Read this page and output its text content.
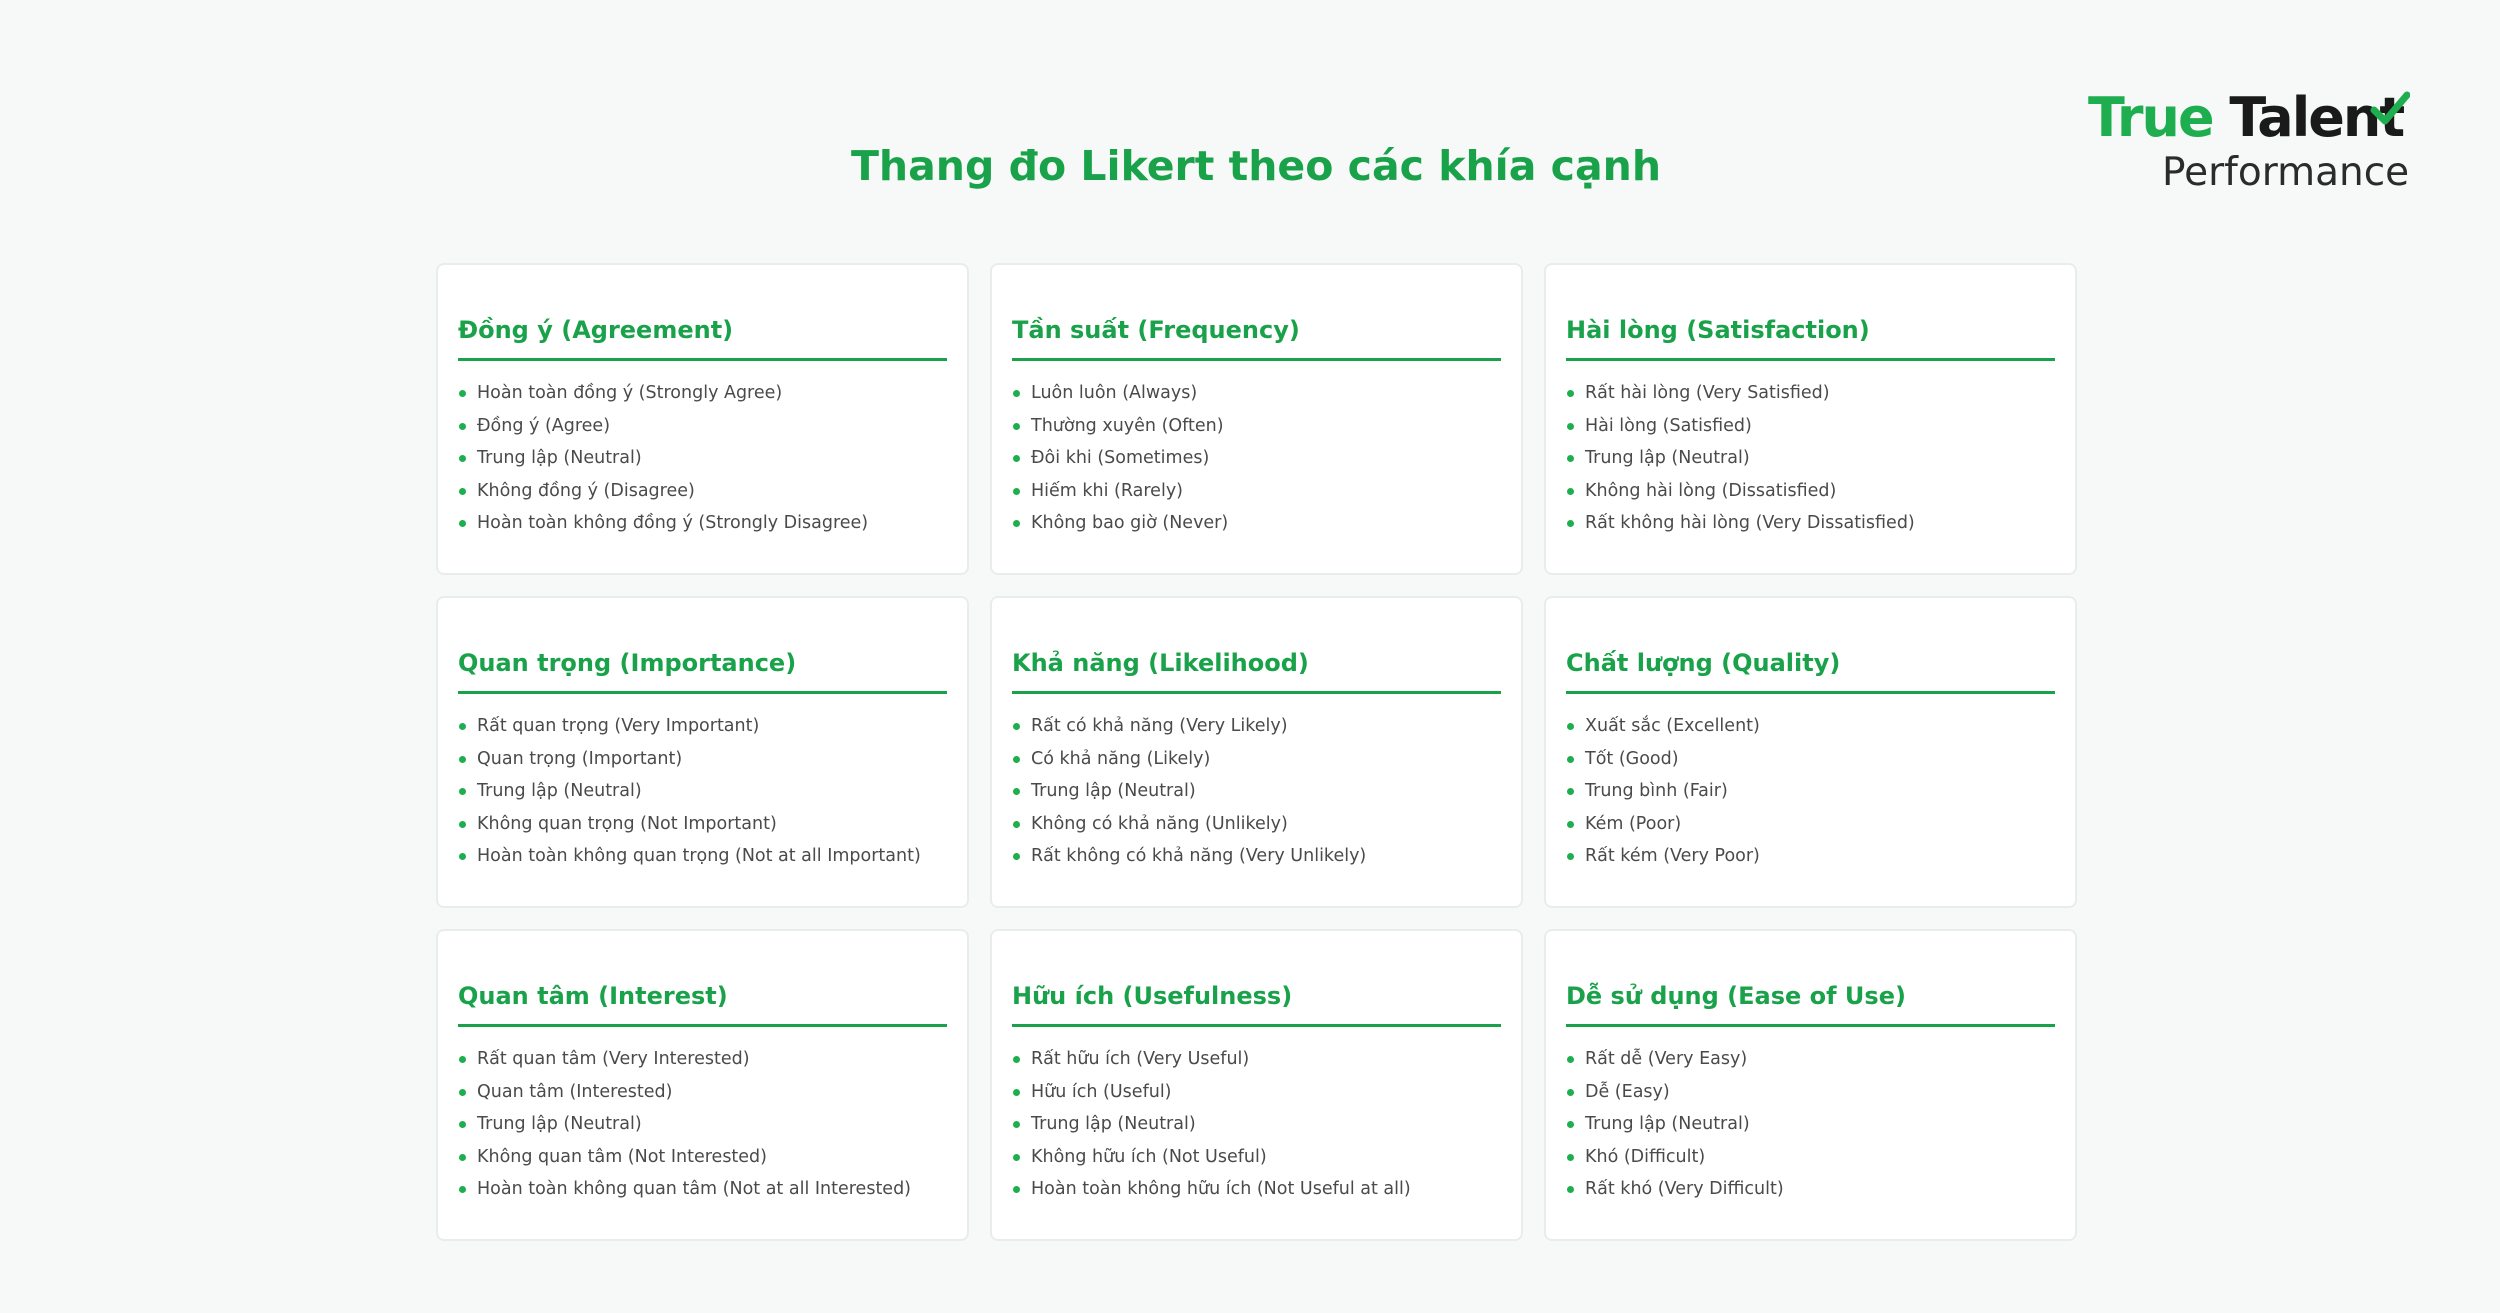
True Talent
Performance
Thang đo Likert theo các khía cạnh
Đồng ý (Agreement)
Hoàn toàn đồng ý (Strongly Agree)
Đồng ý (Agree)
Trung lập (Neutral)
Không đồng ý (Disagree)
Hoàn toàn không đồng ý (Strongly Disagree)
Tần suất (Frequency)
Luôn luôn (Always)
Thường xuyên (Often)
Đôi khi (Sometimes)
Hiếm khi (Rarely)
Không bao giờ (Never)
Hài lòng (Satisfaction)
Rất hài lòng (Very Satisfied)
Hài lòng (Satisfied)
Trung lập (Neutral)
Không hài lòng (Dissatisfied)
Rất không hài lòng (Very Dissatisfied)
Quan trọng (Importance)
Rất quan trọng (Very Important)
Quan trọng (Important)
Trung lập (Neutral)
Không quan trọng (Not Important)
Hoàn toàn không quan trọng (Not at all Important)
Khả năng (Likelihood)
Rất có khả năng (Very Likely)
Có khả năng (Likely)
Trung lập (Neutral)
Không có khả năng (Unlikely)
Rất không có khả năng (Very Unlikely)
Chất lượng (Quality)
Xuất sắc (Excellent)
Tốt (Good)
Trung bình (Fair)
Kém (Poor)
Rất kém (Very Poor)
Quan tâm (Interest)
Rất quan tâm (Very Interested)
Quan tâm (Interested)
Trung lập (Neutral)
Không quan tâm (Not Interested)
Hoàn toàn không quan tâm (Not at all Interested)
Hữu ích (Usefulness)
Rất hữu ích (Very Useful)
Hữu ích (Useful)
Trung lập (Neutral)
Không hữu ích (Not Useful)
Hoàn toàn không hữu ích (Not Useful at all)
Dễ sử dụng (Ease of Use)
Rất dễ (Very Easy)
Dễ (Easy)
Trung lập (Neutral)
Khó (Difficult)
Rất khó (Very Difficult)
